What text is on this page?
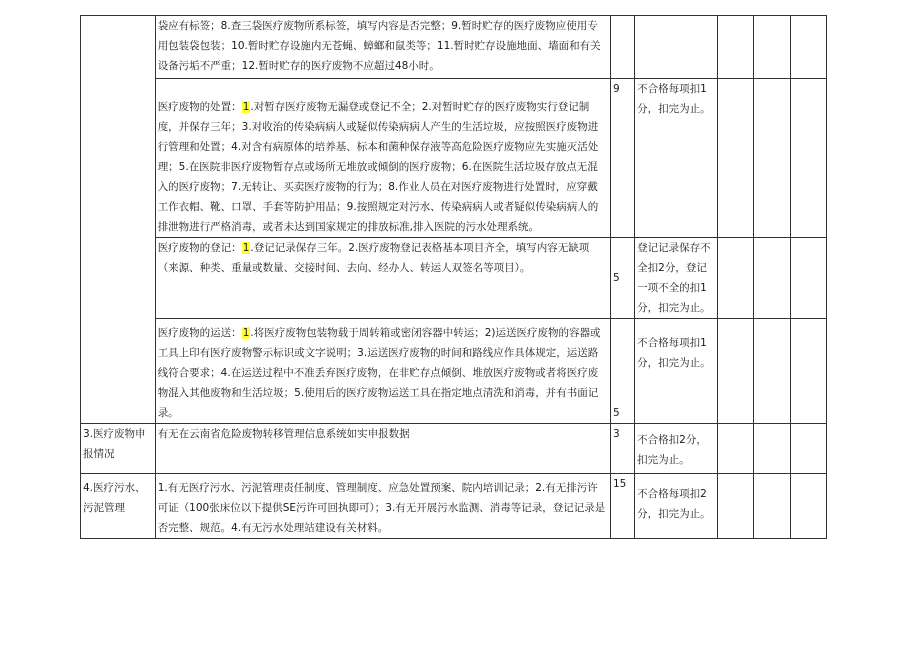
	袋应有标签；8.查三袋医疗废物所系标签，填写内容是否完整；9.暂时贮存的医疗废物应使用专用包装袋包装；10.暂时贮存设施内无苍蝇、蟑螂和鼠类等；11.暂时贮存设施地面、墙面和有关设备污垢不严重；12.暂时贮存的医疗废物不应超过48小时。					
	医疗废物的处置：1.对暂存医疗废物无漏登或登记不全；2.对暂时贮存的医疗废物实行登记制度，并保存三年；3.对收治的传染病病人或疑似传染病病人产生的生活垃圾，应按照医疗废物进行管理和处置；4.对含有病原体的培养基、标本和菌种保存液等高危险医疗废物应先实施灭活处理；5.在医院非医疗废物暂存点或场所无堆放或倾倒的医疗废物；6.在医院生活垃圾存放点无混入的医疗废物；7.无转让、买卖医疗废物的行为；8.作业人员在对医疗废物进行处置时，应穿戴工作衣帽、靴、口罩、手套等防护用品；9.按照规定对污水、传染病病人或者疑似传染病病人的排泄物进行严格消毒，或者未达到国家规定的排放标准,排入医院的污水处理系统。	9	不合格每项扣1分，扣完为止。			
	医疗废物的登记：1.登记记录保存三年。2.医疗废物登记表格基本项目齐全，填写内容无缺项（来源、种类、重量或数量、交接时间、去向、经办人、转运人双签名等项目）。	5	登记记录保存不全扣2分，登记一项不全的扣1分，扣完为止。			
	医疗废物的运送：1.将医疗废物包装物载于周转箱或密闭容器中转运；2)运送医疗废物的容器或工具上印有医疗废物警示标识或文字说明；3.运送医疗废物的时间和路线应作具体规定，运送路线符合要求；4.在运送过程中不准丢弃医疗废物，在非贮存点倾倒、堆放医疗废物或者将医疗废物混入其他废物和生活垃圾；5.使用后的医疗废物运送工具在指定地点清洗和消毒，并有书面记录。	5	不合格每项扣1分，扣完为止。			
3.医疗废物申报情况	有无在云南省危险废物转移管理信息系统如实申报数据	3	不合格扣2分，扣完为止。			
4.医疗污水、污泥管理	1.有无医疗污水、污泥管理责任制度、管理制度、应急处置预案、院内培训记录；2.有无排污许可证（100张床位以下提供SE污许可回执即可）；3.有无开展污水监测、消毒等记录，登记记录是否完整、规范。4.有无污水处理站建设有关材料。	15	不合格每项扣2分，扣完为止。			
